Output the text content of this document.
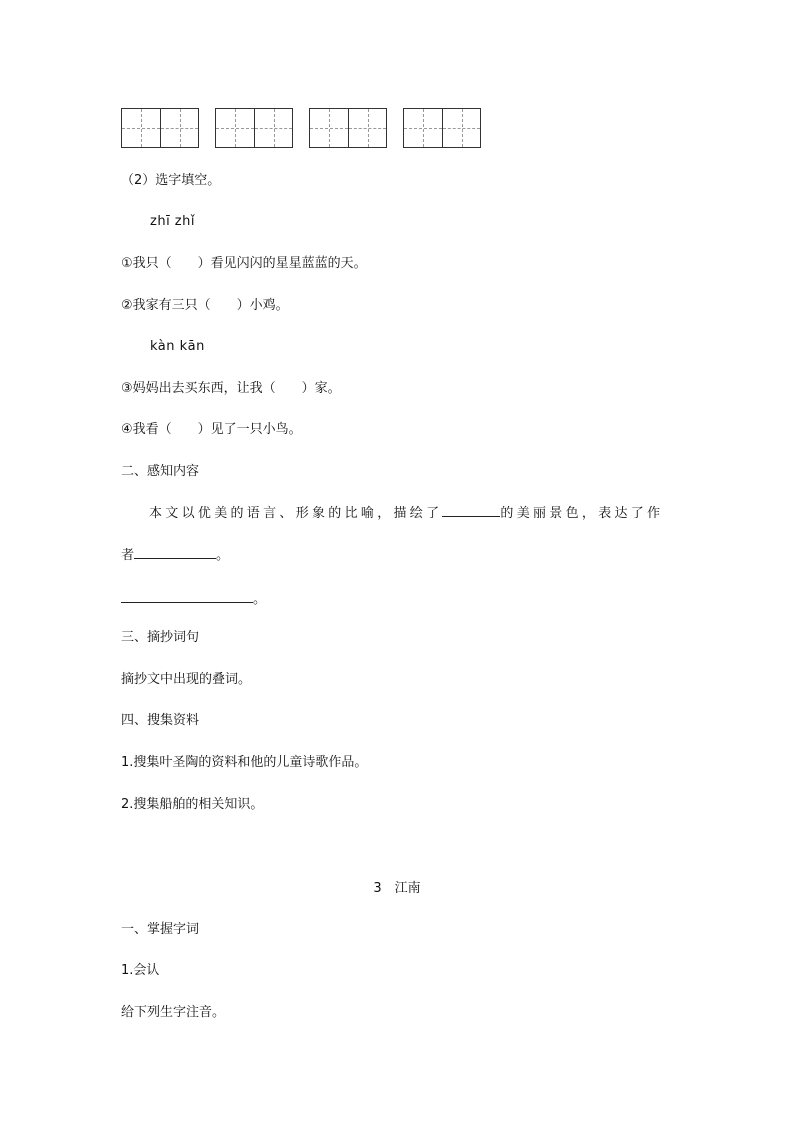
（2）选字填空。
zhī zhǐ
①我只（　　）看见闪闪的星星蓝蓝的天。
②我家有三只（　　）小鸡。
kàn kān
③妈妈出去买东西，让我（　　）家。
④我看（　　）见了一只小鸟。
二、感知内容
本文以优美的语言、形象的比喻，描绘了	的美丽景色，表达了作
者	。
。
三、摘抄词句
摘抄文中出现的叠词。
四、搜集资料
1.搜集叶圣陶的资料和他的儿童诗歌作品。
2.搜集船舶的相关知识。
3　江南
一、掌握字词
1.会认
给下列生字注音。
